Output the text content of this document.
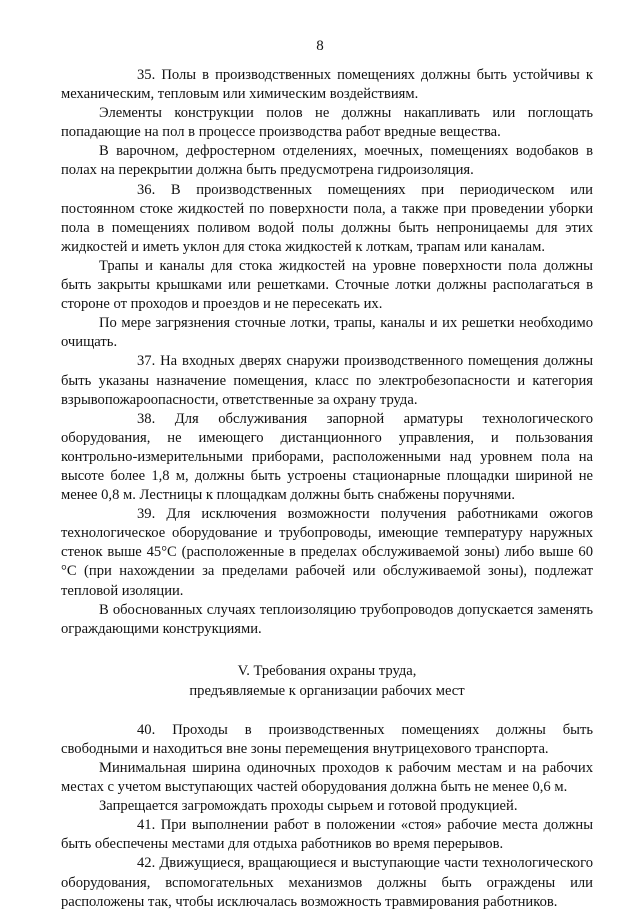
8

35. Полы в производственных помещениях должны быть устойчивы к механическим, тепловым или химическим воздействиям.

Элементы конструкции полов не должны накапливать или поглощать попадающие на пол в процессе производства работ вредные вещества.

В варочном, дефростерном отделениях, моечных, помещениях водобаков в полах на перекрытии должна быть предусмотрена гидроизоляция.

36. В производственных помещениях при периодическом или постоянном стоке жидкостей по поверхности пола, а также при проведении уборки пола в помещениях поливом водой полы должны быть непроницаемы для этих жидкостей и иметь уклон для стока жидкостей к лоткам, трапам или каналам.

Трапы и каналы для стока жидкостей на уровне поверхности пола должны быть закрыты крышками или решетками. Сточные лотки должны располагаться в стороне от проходов и проездов и не пересекать их.

По мере загрязнения сточные лотки, трапы, каналы и их решетки необходимо очищать.

37. На входных дверях снаружи производственного помещения должны быть указаны назначение помещения, класс по электробезопасности и категория взрывопожароопасности, ответственные за охрану труда.

38. Для обслуживания запорной арматуры технологического оборудования, не имеющего дистанционного управления, и пользования контрольно-измерительными приборами, расположенными над уровнем пола на высоте более 1,8 м, должны быть устроены стационарные площадки шириной не менее 0,8 м. Лестницы к площадкам должны быть снабжены поручнями.

39. Для исключения возможности получения работниками ожогов технологическое оборудование и трубопроводы, имеющие температуру наружных стенок выше 45°С (расположенные в пределах обслуживаемой зоны) либо выше 60 °С (при нахождении за пределами рабочей или обслуживаемой зоны), подлежат тепловой изоляции.

В обоснованных случаях теплоизоляцию трубопроводов допускается заменять ограждающими конструкциями.

V. Требования охраны труда,
предъявляемые к организации рабочих мест

40. Проходы в производственных помещениях должны быть свободными и находиться вне зоны перемещения внутрицехового транспорта.

Минимальная ширина одиночных проходов к рабочим местам и на рабочих местах с учетом выступающих частей оборудования должна быть не менее 0,6 м.

Запрещается загромождать проходы сырьем и готовой продукцией.

41. При выполнении работ в положении «стоя» рабочие места должны быть обеспечены местами для отдыха работников во время перерывов.

42. Движущиеся, вращающиеся и выступающие части технологического оборудования, вспомогательных механизмов должны быть ограждены или расположены так, чтобы исключалась возможность травмирования работников.
